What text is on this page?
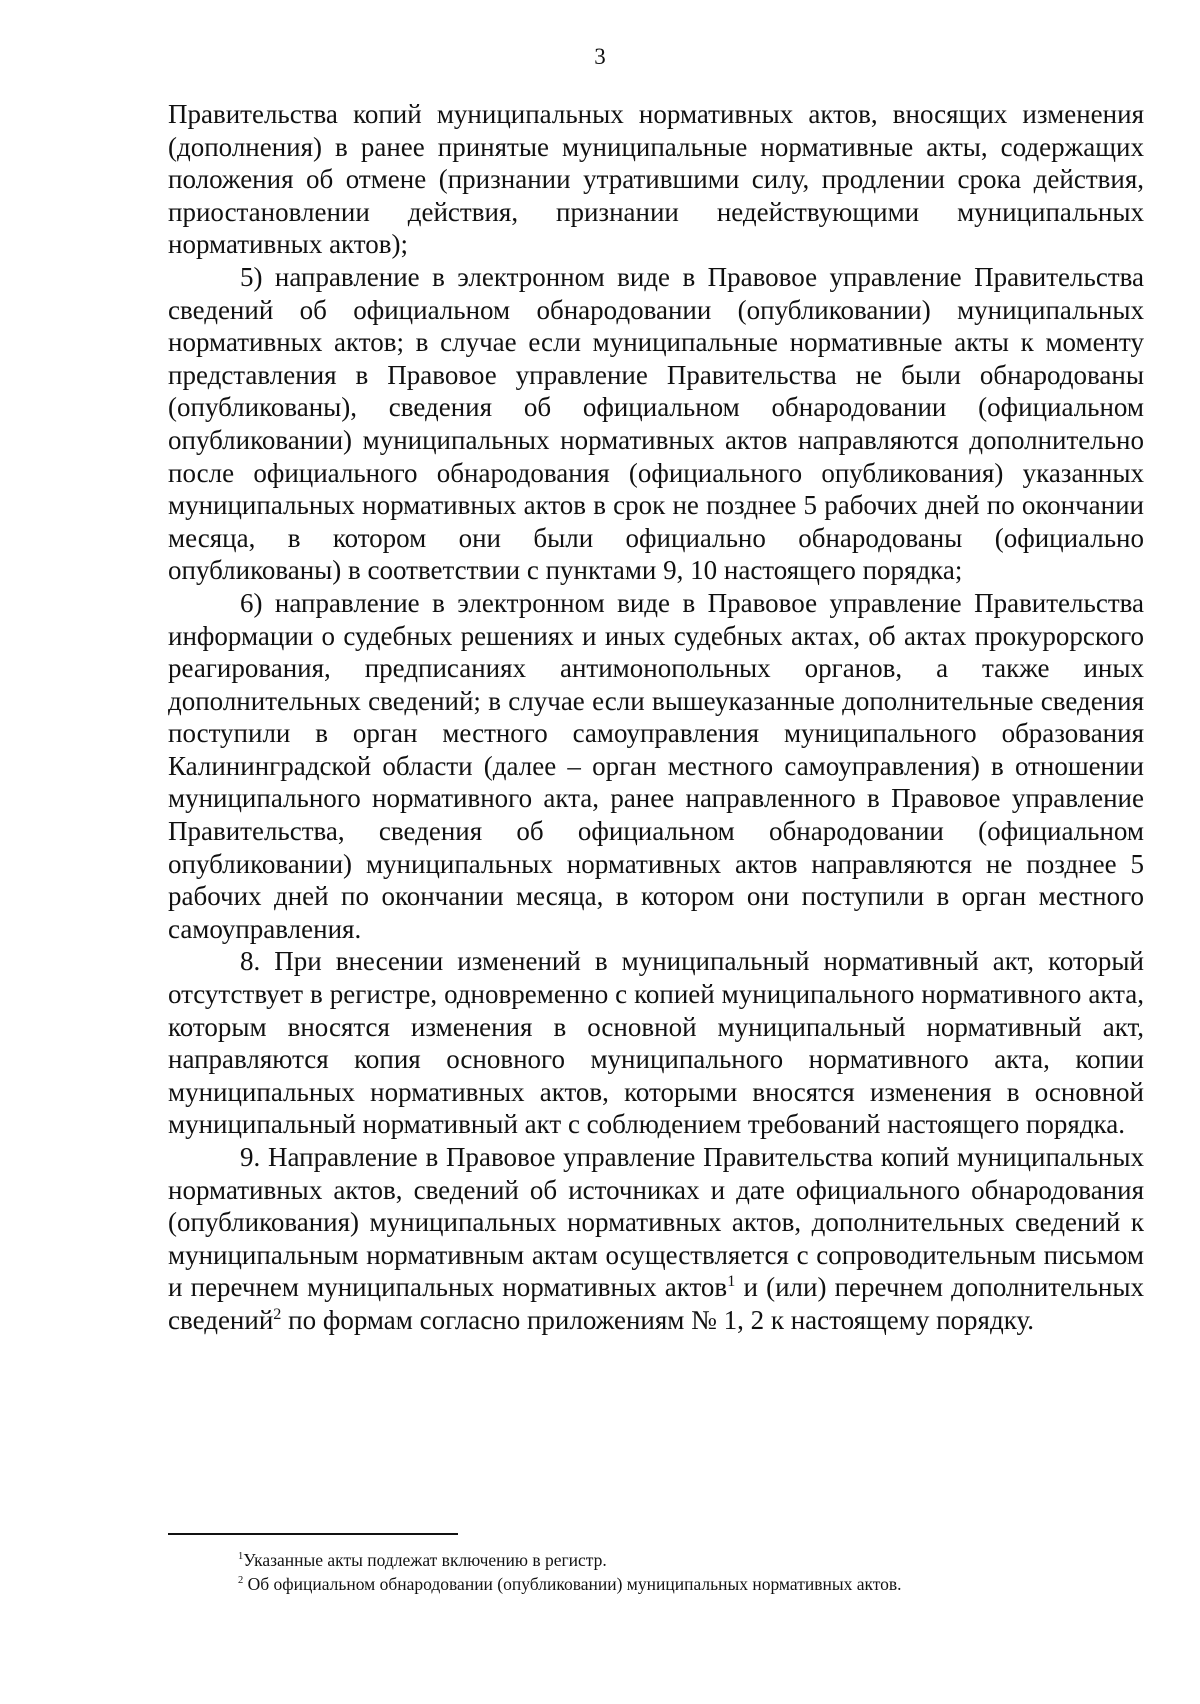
3

Правительства копий муниципальных нормативных актов, вносящих изменения (дополнения) в ранее принятые муниципальные нормативные акты, содержащих положения об отмене (признании утратившими силу, продлении срока действия, приостановлении действия, признании недействующими муниципальных нормативных актов);

5) направление в электронном виде в Правовое управление Правительства сведений об официальном обнародовании (опубликовании) муниципальных нормативных актов; в случае если муниципальные нормативные акты к моменту представления в Правовое управление Правительства не были обнародованы (опубликованы), сведения об официальном обнародовании (официальном опубликовании) муниципальных нормативных актов направляются дополнительно после официального обнародования (официального опубликования) указанных муниципальных нормативных актов в срок не позднее 5 рабочих дней по окончании месяца, в котором они были официально обнародованы (официально опубликованы) в соответствии с пунктами 9, 10 настоящего порядка;

6) направление в электронном виде в Правовое управление Правительства информации о судебных решениях и иных судебных актах, об актах прокурорского реагирования, предписаниях антимонопольных органов, а также иных дополнительных сведений; в случае если вышеуказанные дополнительные сведения поступили в орган местного самоуправления муниципального образования Калининградской области (далее – орган местного самоуправления) в отношении муниципального нормативного акта, ранее направленного в Правовое управление Правительства, сведения об официальном обнародовании (официальном опубликовании) муниципальных нормативных актов направляются не позднее 5 рабочих дней по окончании месяца, в котором они поступили в орган местного самоуправления.

8. При внесении изменений в муниципальный нормативный акт, который отсутствует в регистре, одновременно с копией муниципального нормативного акта, которым вносятся изменения в основной муниципальный нормативный акт, направляются копия основного муниципального нормативного акта, копии муниципальных нормативных актов, которыми вносятся изменения в основной муниципальный нормативный акт с соблюдением требований настоящего порядка.

9. Направление в Правовое управление Правительства копий муниципальных нормативных актов, сведений об источниках и дате официального обнародования (опубликования) муниципальных нормативных актов, дополнительных сведений к муниципальным нормативным актам осуществляется с сопроводительным письмом и перечнем муниципальных нормативных актов$^1$ и (или) перечнем дополнительных сведений$^2$ по формам согласно приложениям № 1, 2 к настоящему порядку.

$^1$Указанные акты подлежат включению в регистр.

$^2$ Об официальном обнародовании (опубликовании) муниципальных нормативных актов.
